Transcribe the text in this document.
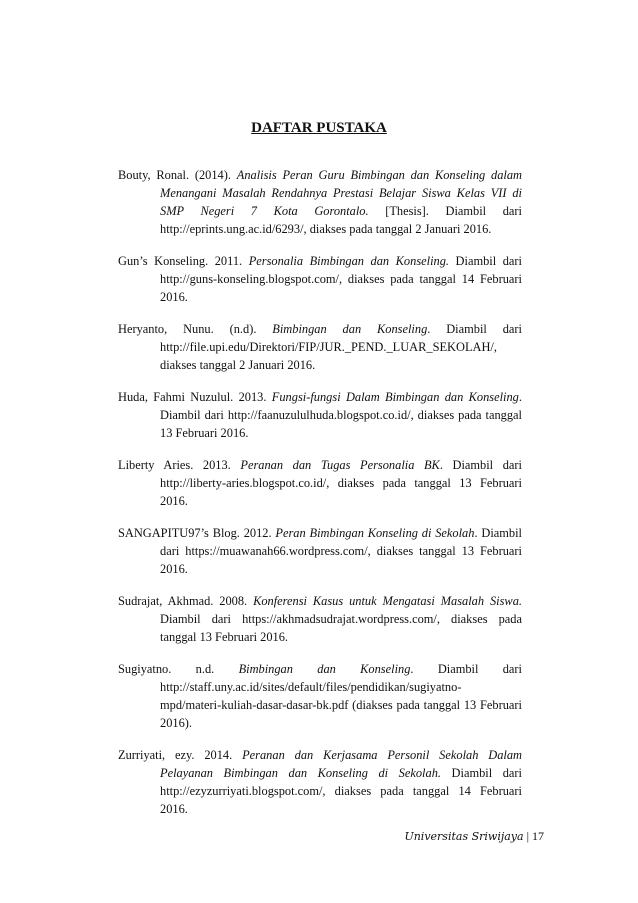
DAFTAR PUSTAKA

Bouty, Ronal. (2014). Analisis Peran Guru Bimbingan dan Konseling dalam Menangani Masalah Rendahnya Prestasi Belajar Siswa Kelas VII di SMP Negeri 7 Kota Gorontalo. [Thesis]. Diambil dari http://eprints.ung.ac.id/6293/, diakses pada tanggal 2 Januari 2016.

Gun’s Konseling. 2011. Personalia Bimbingan dan Konseling. Diambil dari http://guns-konseling.blogspot.com/, diakses pada tanggal 14 Februari 2016.

Heryanto, Nunu. (n.d). Bimbingan dan Konseling. Diambil dari http://file.upi.edu/Direktori/FIP/JUR._PEND._LUAR_SEKOLAH/, diakses tanggal 2 Januari 2016.

Huda, Fahmi Nuzulul. 2013. Fungsi-fungsi Dalam Bimbingan dan Konseling. Diambil dari http://faanuzululhuda.blogspot.co.id/, diakses pada tanggal 13 Februari 2016.

Liberty Aries. 2013. Peranan dan Tugas Personalia BK. Diambil dari http://liberty-aries.blogspot.co.id/, diakses pada tanggal 13 Februari 2016.

SANGAPITU97’s Blog. 2012. Peran Bimbingan Konseling di Sekolah. Diambil dari https://muawanah66.wordpress.com/, diakses tanggal 13 Februari 2016.

Sudrajat, Akhmad. 2008. Konferensi Kasus untuk Mengatasi Masalah Siswa. Diambil dari https://akhmadsudrajat.wordpress.com/, diakses pada tanggal 13 Februari 2016.

Sugiyatno. n.d. Bimbingan dan Konseling. Diambil dari http://staff.uny.ac.id/sites/default/files/pendidikan/sugiyatno-mpd/materi-kuliah-dasar-dasar-bk.pdf (diakses pada tanggal 13 Februari 2016).

Zurriyati, ezy. 2014. Peranan dan Kerjasama Personil Sekolah Dalam Pelayanan Bimbingan dan Konseling di Sekolah. Diambil dari http://ezyzurriyati.blogspot.com/, diakses pada tanggal 14 Februari 2016.

Universitas Sriwijaya | 17
